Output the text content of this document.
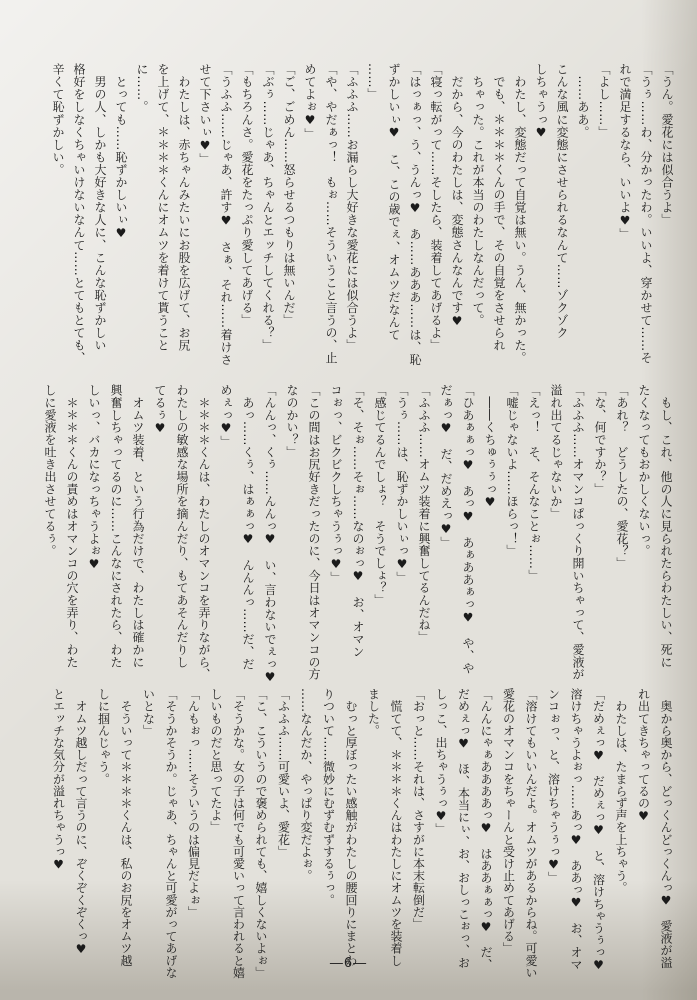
「うん。愛花には似合うよ」
「うぅ……わ、分かったわ。いいよ、穿かせて……そ
れで満足するなら、いいよ♥」
「よし……」
　……ああ。
こんな風に変態にさせられるなんて……ゾクゾク
しちゃうっ♥
　わたし、変態だって自覚は無い。うん、無かった。
　でも、＊＊＊＊くんの手で、その自覚をさせられ
　ちゃった。これが本当のわたしなんだって。
　だから、今のわたしは、変態さんなんです♥
「寝っ転がって……そしたら、装着してあげるよ」
「はっぁっ、う、うんっ♥　あ……あああ……は、恥
ずかしいぃ♥　こ、この歳でぇ、オムツだなんて
……」
「ふふふ……お漏らし大好きな愛花には似合うよ」
「や、やだぁっ！　もぉ……そういうこと言うの、止
めてよぉ♥」
「ご、ごめん……怒らせるつもりは無いんだ」
「ぶぅ……じゃあ、ちゃんとエッチしてくれる？」
「もちろんさ。愛花をたっぷり愛してあげる」
「うふふ……じゃあ、許す♥　さぁ、それ……着けさ
せて下さいぃ♥」
　わたしは、赤ちゃんみたいにお股を広げて、お尻
を上げて、＊＊＊＊くんにオムツを着けて貰うこと
に……。
　とっても……恥ずかしいぃ♥
　男の人、しかも大好きな人に、こんな恥ずかしい
格好をしなくちゃいけないなんて……とてもとても、
辛くて恥ずかしい。
　もし、これ、他の人に見られたらわたしい、死に
たくなってもおかしくないっ。
「あれ？　どうしたの、愛花？」
「な、何ですか？」
「ふふふ……オマンコぱっくり開いちゃって、愛液が
溢れ出てるじゃないか」
「えっ！　そ、そんなことぉ……」
「嘘じゃないよ……ほらっ！」
　――くちゅぅぅっ♥
「ひあぁぁっ♥　あっ♥　あぁああぁっ♥　や、や
だぁっ♥　だ、だめえっ♥」
「ふふふ……オムツ装着に興奮してるんだね」
「うぅ……は、恥ずかしいぃっ♥」
「感じてるんでしょ？　そうでしょ？」
「そ、そぉ……そぉ……なのぉっ♥　お、オマン
コぉっ、ビクビクしちゃうぅっ♥」
「この間はお尻好きだったのに、今日はオマンコの方
なのかい？」
「んんっ、くぅ……んんっ♥　い、言わないでぇっ♥
　あっ……くぅ、はぁぁっ♥　んんんっ……だ、だ
めぇっ♥」
　＊＊＊＊くんは、わたしのオマンコを弄りながら、
わたしの敏感な場所を摘んだり、もてあそんだりし
てるぅ♥
　オムツ装着、という行為だけで、わたしは確かに
興奮しちゃってるのに……こんなにされたら、わた
しいっ、バカになっちゃうよぉ♥
　＊＊＊＊くんの責めはオマンコの穴を弄り、わた
しに愛液を吐き出させてるぅ。
　奥から奥から、どっくんどっくんっ♥　愛液が溢
れ出てきちゃってるの♥
　わたしは、たまらず声を上ちゃう。
「だめぇっ♥　だめぇっ♥　と、溶けちゃうぅっ♥
溶けちゃうよぉっ……あっ♥　ああっ♥　お、オマ
ンコぉっ、と、溶けちゃうぅっ♥」
「溶けてもいいんだよ。オムツがあるからね。可愛い
愛花のオマンコをちゃーんと受け止めてあげる」
「んんにゃぁああああっ♥　はああぁぁっ♥　だ、
だめぇっ♥　ほ、本当にぃ、お、おしっこぉっ、お
しっこ、出ちゃうぅっ♥」
「おっと……それは、さすがに本末転倒だ」
　慌てて、＊＊＊＊くんはわたしにオムツを装着し
ました。
　むっと厚ぼったい感触がわたしの腰回りにまとわ
りついて……微妙にむずむずするぅっ。
……なんだか、やっぱり変だよぉ。
「ふふふ……可愛いよ、愛花」
「こ、こういうので褒められても、嬉しくないよぉ」
「そうかな。女の子は何でも可愛いって言われると嬉
しいものだと思ってたよ」
「んもぉっ……そういうのは偏見だよぉ」
「そうかそうか。じゃあ、ちゃんと可愛がってあげな
いとな」
　そういって＊＊＊＊くんは、私のお尻をオムツ越
しに掴んじゃう。
　オムツ越しだって言うのに、ぞくぞくぞくっ♥
とエッチな気分が溢れちゃうっ♥
―6―
